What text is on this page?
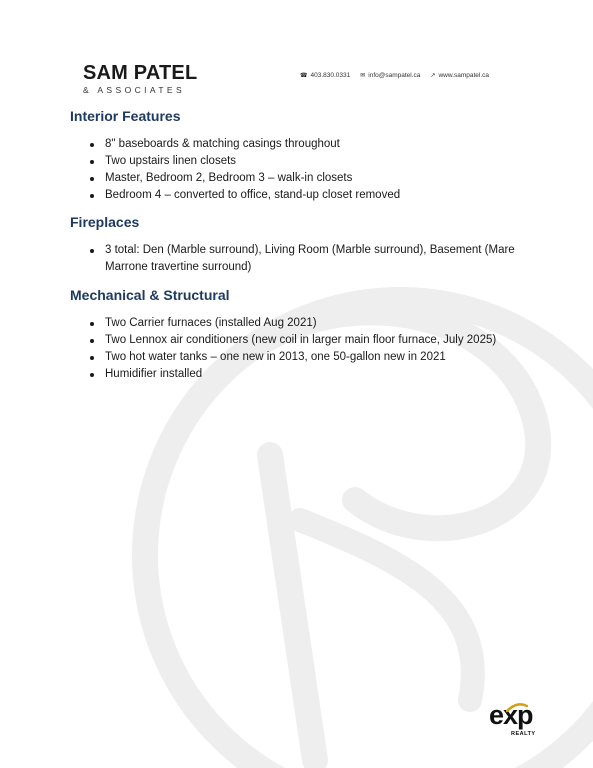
SAM PATEL
& ASSOCIATES
☎ 403.830.0331 ✉ info@sampatel.ca ↗ www.sampatel.ca
Interior Features
8" baseboards & matching casings throughout
Two upstairs linen closets
Master, Bedroom 2, Bedroom 3 – walk-in closets
Bedroom 4 – converted to office, stand-up closet removed
Fireplaces
3 total: Den (Marble surround), Living Room (Marble surround), Basement (Mare Marrone travertine surround)
Mechanical & Structural
Two Carrier furnaces (installed Aug 2021)
Two Lennox air conditioners (new coil in larger main floor furnace, July 2025)
Two hot water tanks – one new in 2013, one 50-gallon new in 2021
Humidifier installed
exp
REALTY
